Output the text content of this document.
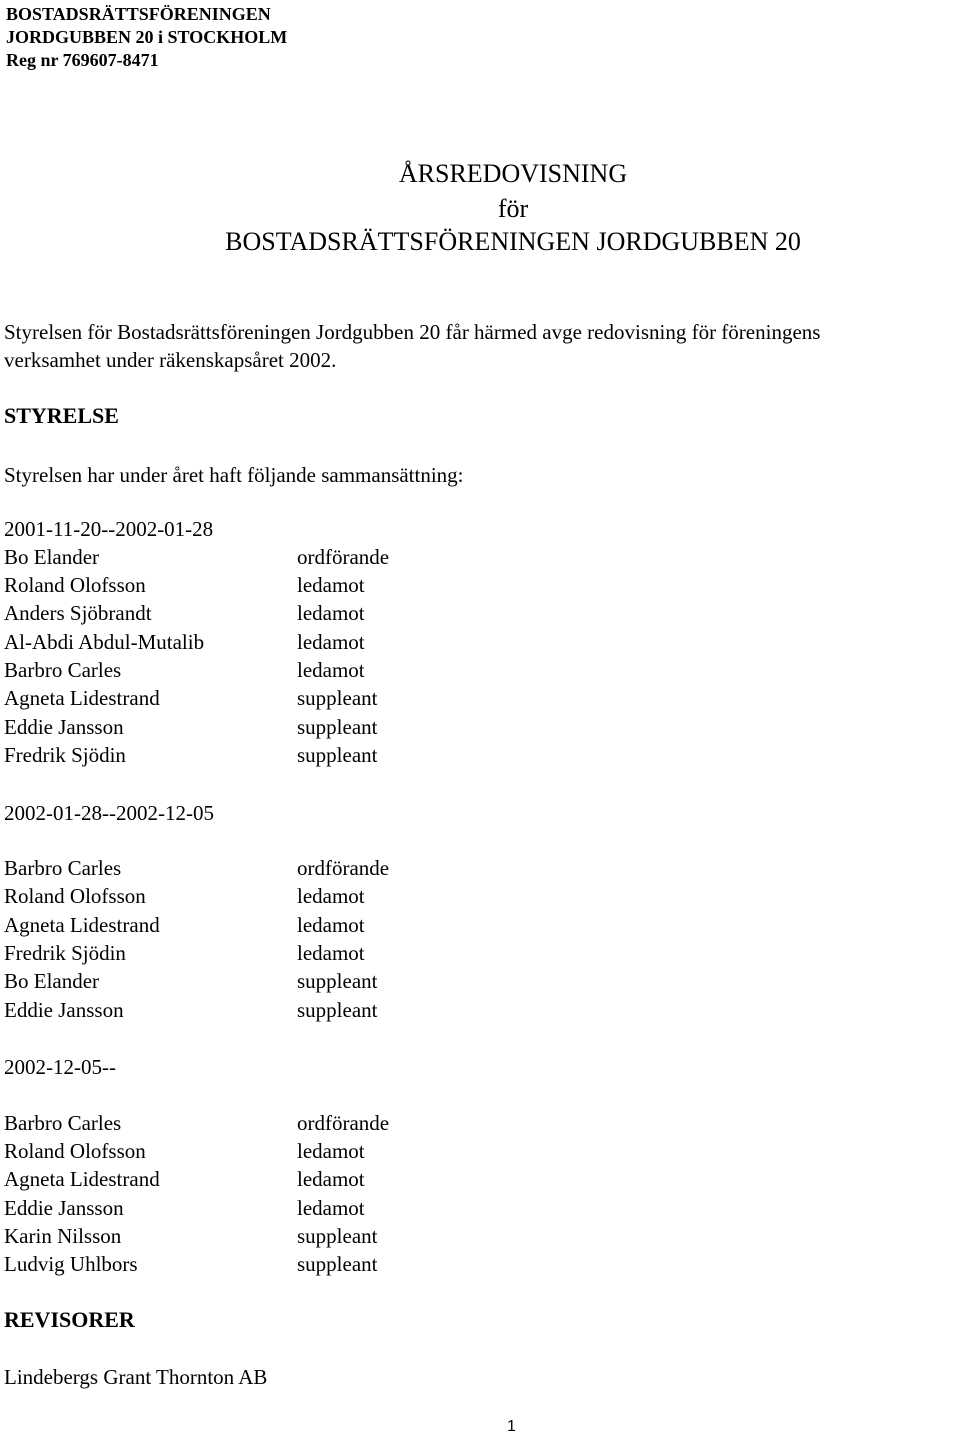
BOSTADSRÄTTSFÖRENINGEN
JORDGUBBEN 20 i STOCKHOLM
Reg nr 769607-8471
ÅRSREDOVISNING
för
BOSTADSRÄTTSFÖRENINGEN JORDGUBBEN 20
Styrelsen för Bostadsrättsföreningen Jordgubben 20 får härmed avge redovisning för föreningens
verksamhet under räkenskapsåret 2002.
STYRELSE
Styrelsen har under året haft följande sammansättning:
2001-11-20--2002-01-28
Bo Elander	ordförande
Roland Olofsson	ledamot
Anders Sjöbrandt	ledamot
Al-Abdi Abdul-Mutalib	ledamot
Barbro Carles	ledamot
Agneta Lidestrand	suppleant
Eddie Jansson	suppleant
Fredrik Sjödin	suppleant
2002-01-28--2002-12-05
Barbro Carles	ordförande
Roland Olofsson	ledamot
Agneta Lidestrand	ledamot
Fredrik Sjödin	ledamot
Bo Elander	suppleant
Eddie Jansson	suppleant
2002-12-05--
Barbro Carles	ordförande
Roland Olofsson	ledamot
Agneta Lidestrand	ledamot
Eddie Jansson	ledamot
Karin Nilsson	suppleant
Ludvig Uhlbors	suppleant
REVISORER
Lindebergs Grant Thornton AB
1
